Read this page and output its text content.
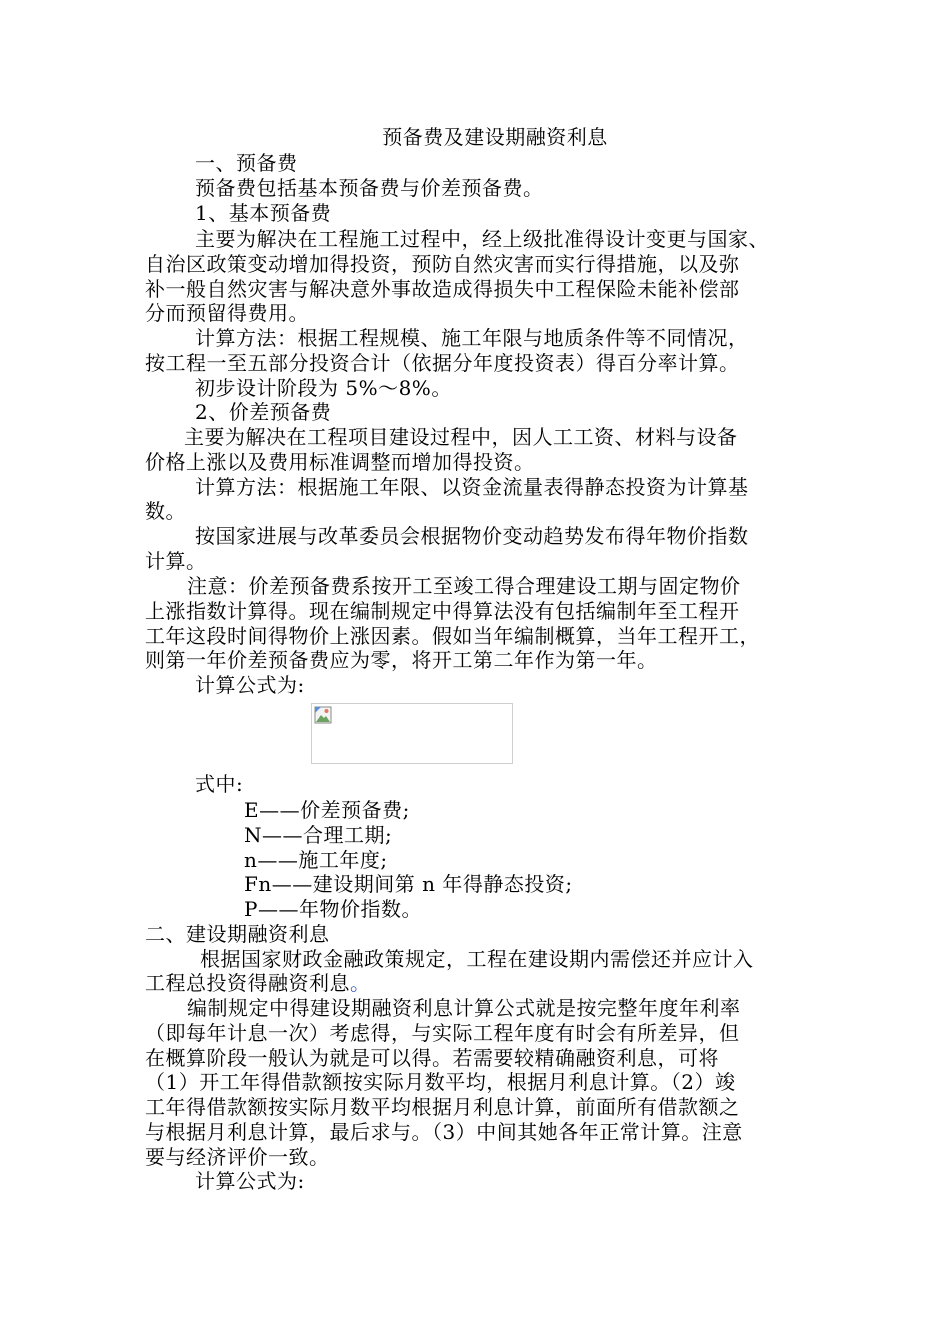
预备费及建设期融资利息
一、预备费
预备费包括基本预备费与价差预备费。
1、基本预备费
主要为解决在工程施工过程中，经上级批准得设计变更与国家、
自治区政策变动增加得投资，预防自然灾害而实行得措施，以及弥
补一般自然灾害与解决意外事故造成得损失中工程保险未能补偿部
分而预留得费用。
计算方法：根据工程规模、施工年限与地质条件等不同情况，
按工程一至五部分投资合计（依据分年度投资表）得百分率计算。
初步设计阶段为 5%～8%。
2、价差预备费
主要为解决在工程项目建设过程中，因人工工资、材料与设备
价格上涨以及费用标准调整而增加得投资。
计算方法：根据施工年限、以资金流量表得静态投资为计算基
数。
按国家进展与改革委员会根据物价变动趋势发布得年物价指数
计算。
注意：价差预备费系按开工至竣工得合理建设工期与固定物价
上涨指数计算得。现在编制规定中得算法没有包括编制年至工程开
工年这段时间得物价上涨因素。假如当年编制概算，当年工程开工，
则第一年价差预备费应为零，将开工第二年作为第一年。
计算公式为:
式中:
E——价差预备费;
N——合理工期;
n——施工年度;
Fn——建设期间第 n 年得静态投资;
P——年物价指数。
二、建设期融资利息
根据国家财政金融政策规定，工程在建设期内需偿还并应计入
工程总投资得融资利息。
编制规定中得建设期融资利息计算公式就是按完整年度年利率
（即每年计息一次）考虑得，与实际工程年度有时会有所差异，但
在概算阶段一般认为就是可以得。若需要较精确融资利息，可将
（1）开工年得借款额按实际月数平均，根据月利息计算。（2）竣
工年得借款额按实际月数平均根据月利息计算，前面所有借款额之
与根据月利息计算，最后求与。（3）中间其她各年正常计算。注意
要与经济评价一致。
计算公式为:
